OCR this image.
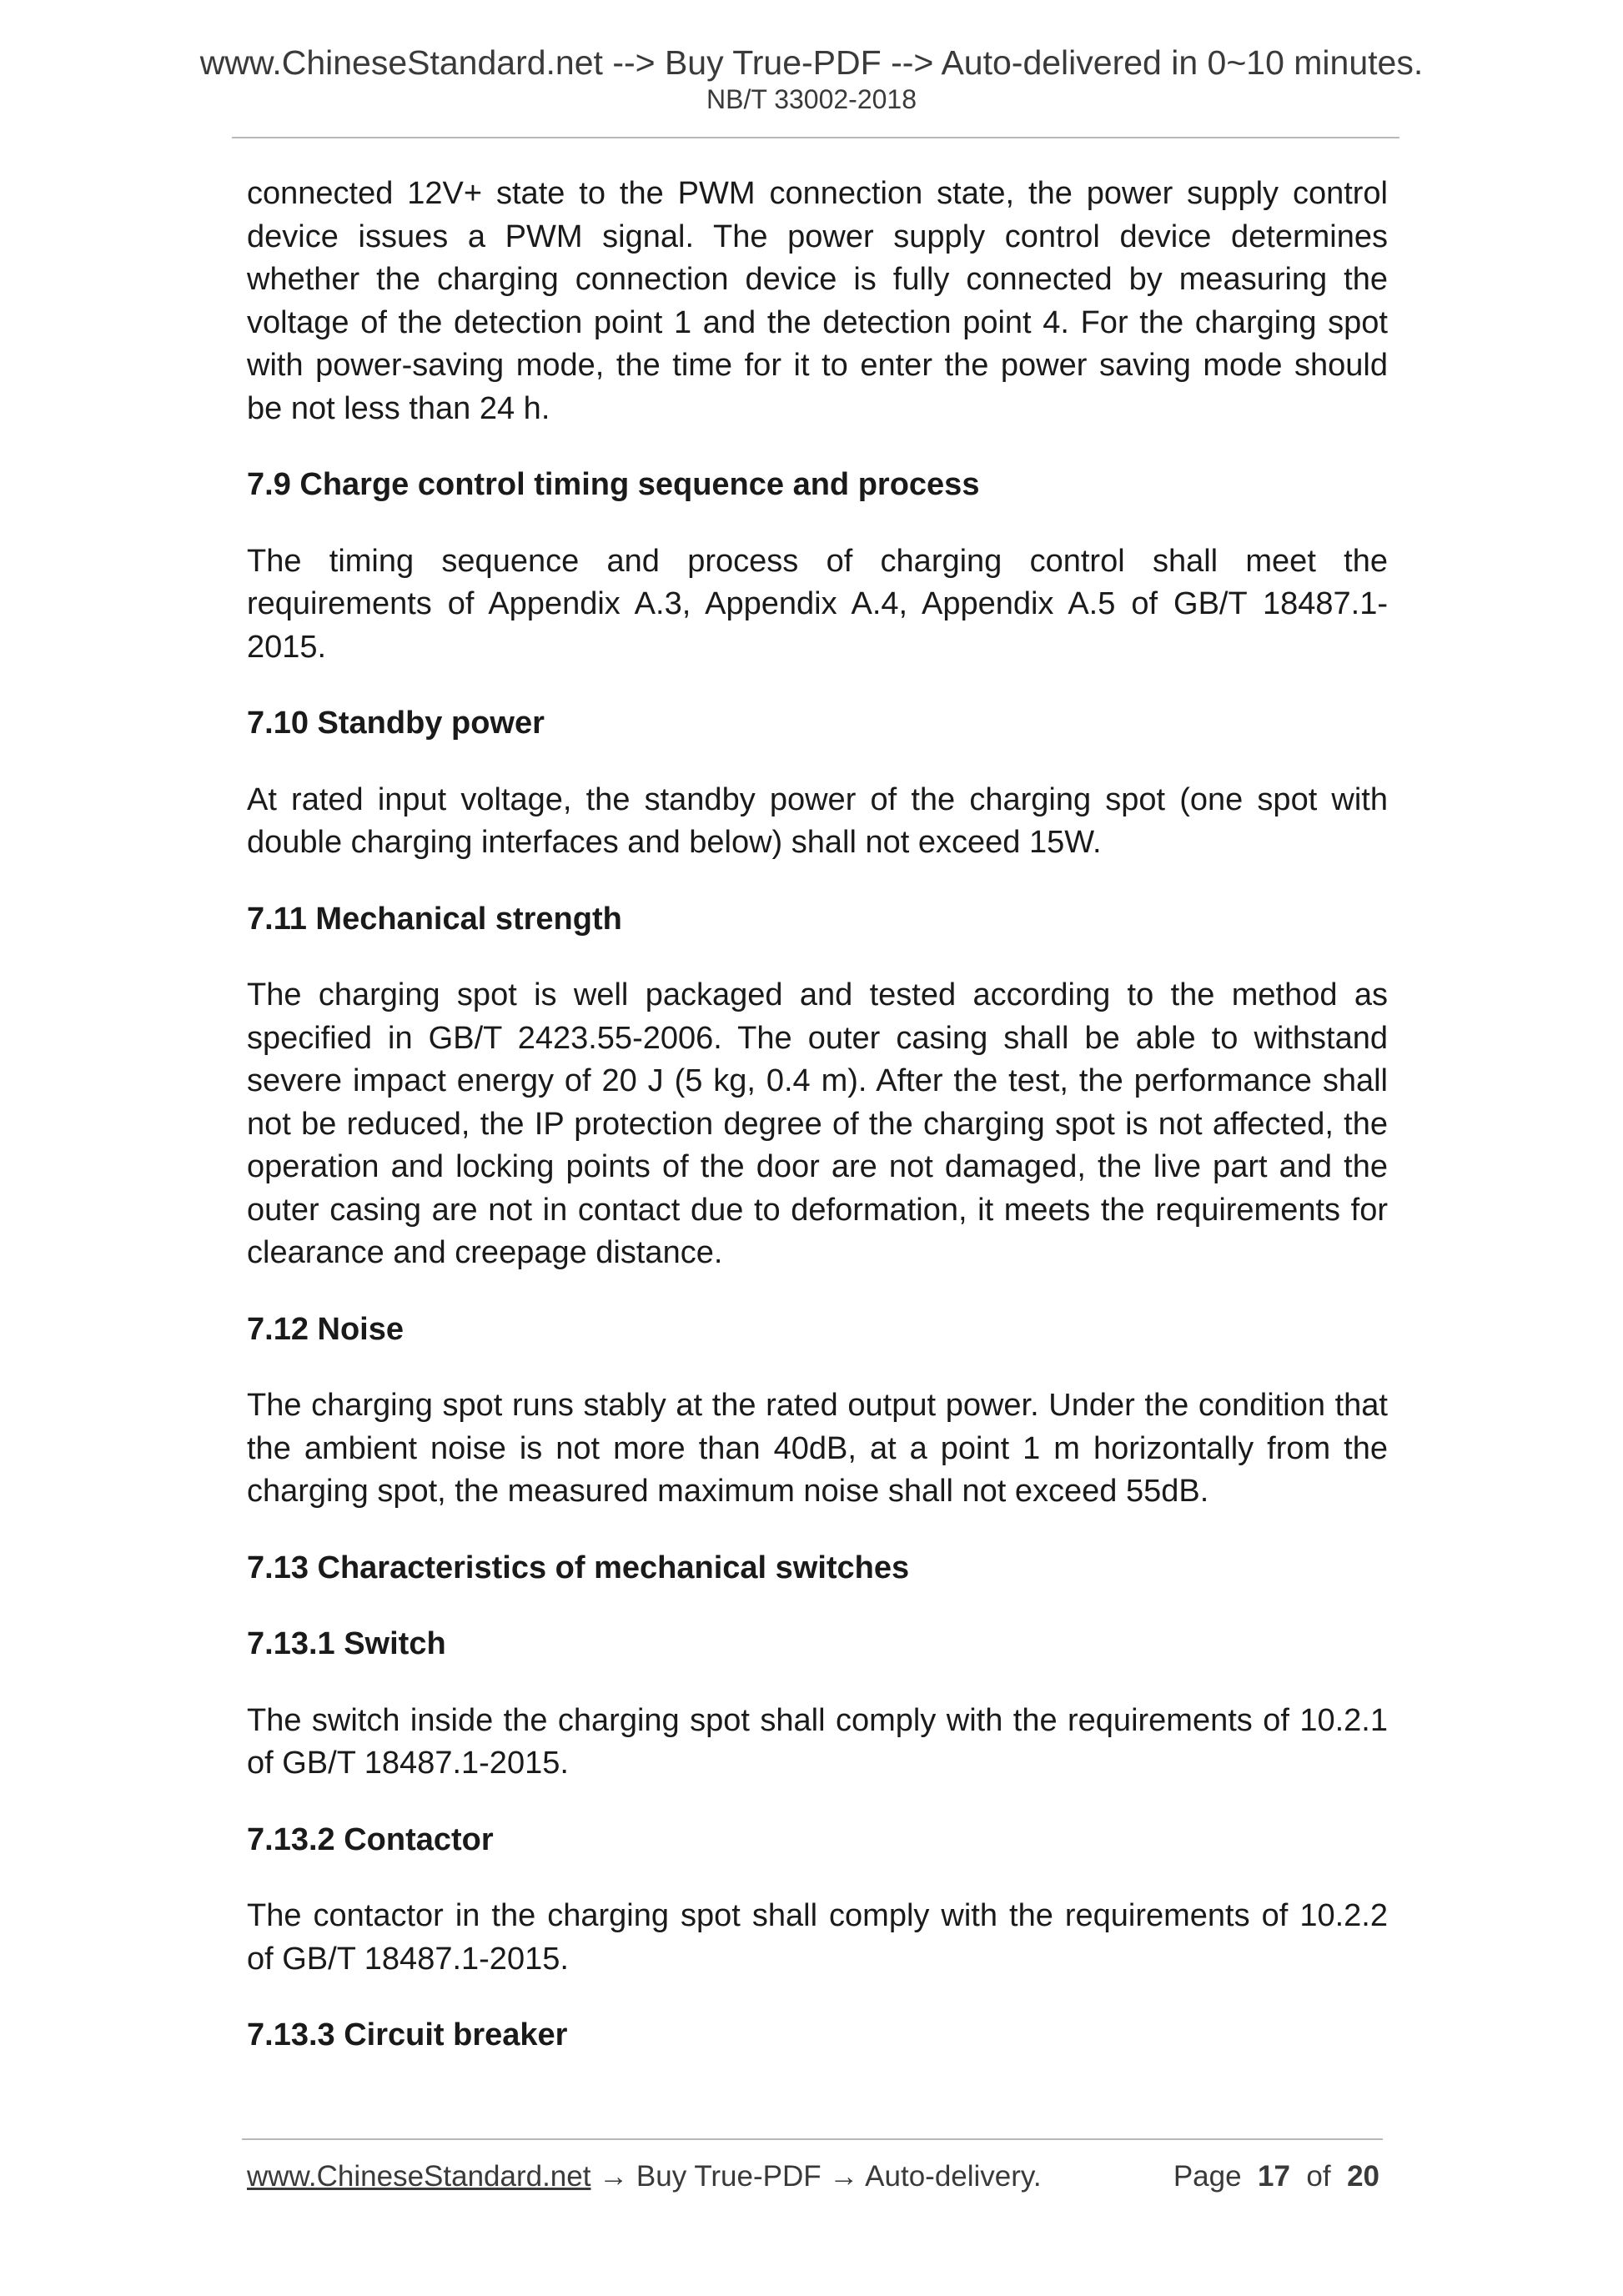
www.ChineseStandard.net --> Buy True-PDF --> Auto-delivered in 0~10 minutes.
NB/T 33002-2018

connected 12V+ state to the PWM connection state, the power supply control device issues a PWM signal. The power supply control device determines whether the charging connection device is fully connected by measuring the voltage of the detection point 1 and the detection point 4. For the charging spot with power-saving mode, the time for it to enter the power saving mode should be not less than 24 h.

7.9 Charge control timing sequence and process

The timing sequence and process of charging control shall meet the requirements of Appendix A.3, Appendix A.4, Appendix A.5 of GB/T 18487.1-2015.

7.10 Standby power

At rated input voltage, the standby power of the charging spot (one spot with double charging interfaces and below) shall not exceed 15W.

7.11 Mechanical strength

The charging spot is well packaged and tested according to the method as specified in GB/T 2423.55-2006. The outer casing shall be able to withstand severe impact energy of 20 J (5 kg, 0.4 m). After the test, the performance shall not be reduced, the IP protection degree of the charging spot is not affected, the operation and locking points of the door are not damaged, the live part and the outer casing are not in contact due to deformation, it meets the requirements for clearance and creepage distance.

7.12 Noise

The charging spot runs stably at the rated output power. Under the condition that the ambient noise is not more than 40dB, at a point 1 m horizontally from the charging spot, the measured maximum noise shall not exceed 55dB.

7.13 Characteristics of mechanical switches
7.13.1 Switch

The switch inside the charging spot shall comply with the requirements of 10.2.1 of GB/T 18487.1-2015.

7.13.2 Contactor

The contactor in the charging spot shall comply with the requirements of 10.2.2 of GB/T 18487.1-2015.

7.13.3 Circuit breaker
www.ChineseStandard.net → Buy True-PDF → Auto-delivery.	Page 17 of 20
